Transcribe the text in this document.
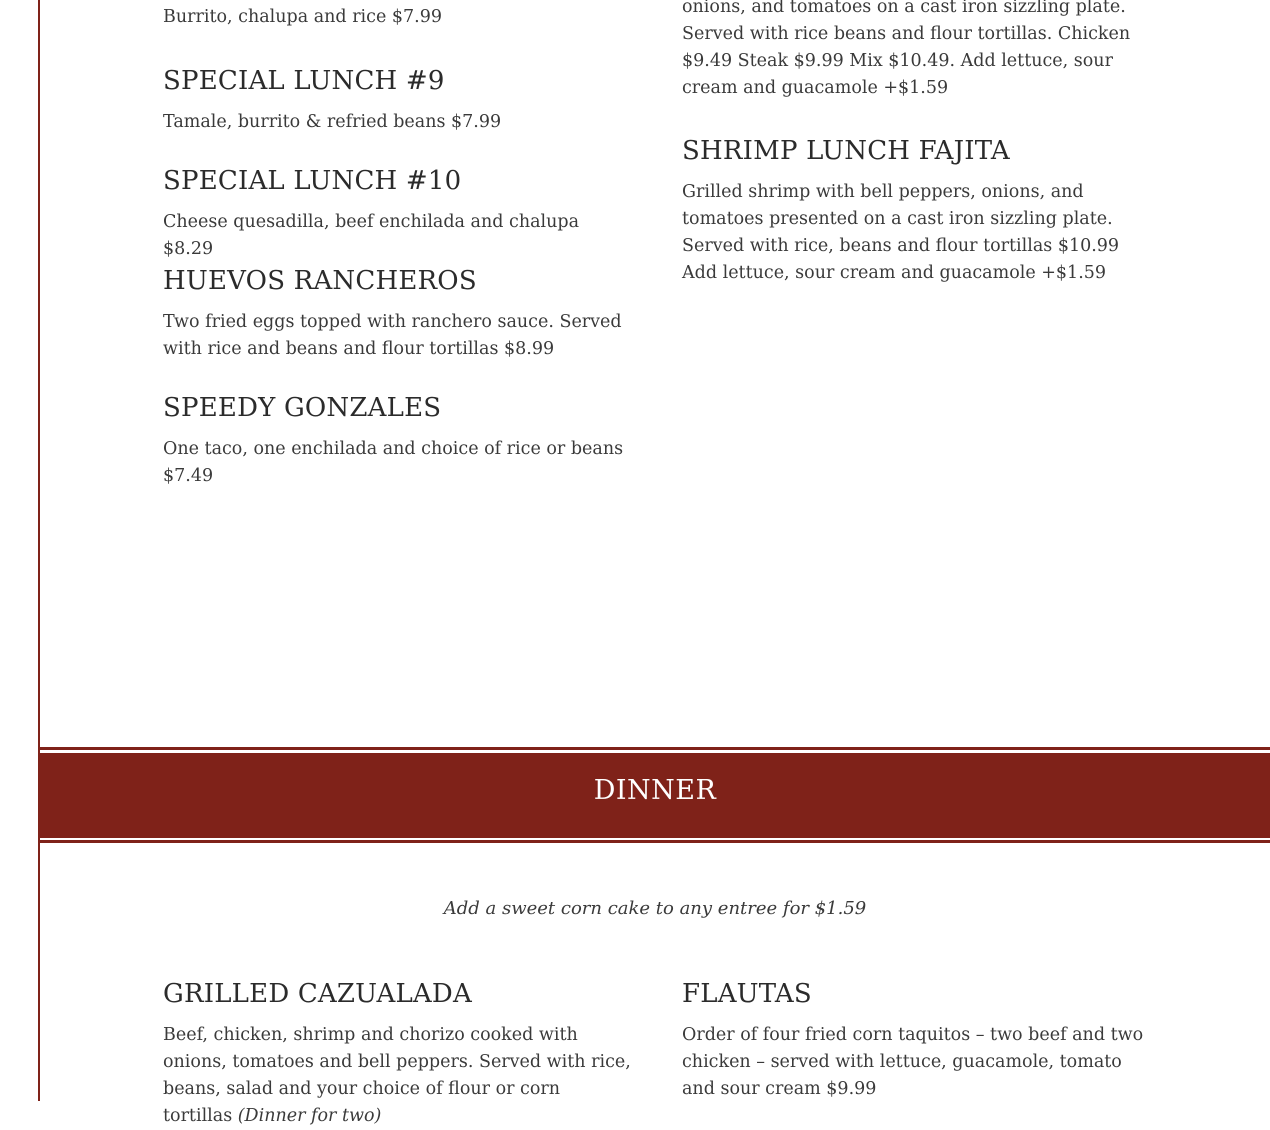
Burrito, chalupa and rice $7.99

SPECIAL LUNCH #9

Tamale, burrito & refried beans $7.99

SPECIAL LUNCH #10

Cheese quesadilla, beef enchilada and chalupa $8.29

HUEVOS RANCHEROS

Two fried eggs topped with ranchero sauce. Served with rice and beans and flour tortillas $8.99

SPEEDY GONZALES

One taco, one enchilada and choice of rice or beans $7.49

onions, and tomatoes on a cast iron sizzling plate. Served with rice beans and flour tortillas. Chicken $9.49 Steak $9.99 Mix $10.49. Add lettuce, sour cream and guacamole +$1.59

SHRIMP LUNCH FAJITA

Grilled shrimp with bell peppers, onions, and tomatoes presented on a cast iron sizzling plate. Served with rice, beans and flour tortillas $10.99 Add lettuce, sour cream and guacamole +$1.59

DINNER
Add a sweet corn cake to any entree for $1.59
GRILLED CAZUALADA

Beef, chicken, shrimp and chorizo cooked with onions, tomatoes and bell peppers. Served with rice, beans, salad and your choice of flour or corn tortillas (Dinner for two)

FLAUTAS

Order of four fried corn taquitos – two beef and two chicken – served with lettuce, guacamole, tomato and sour cream $9.99
